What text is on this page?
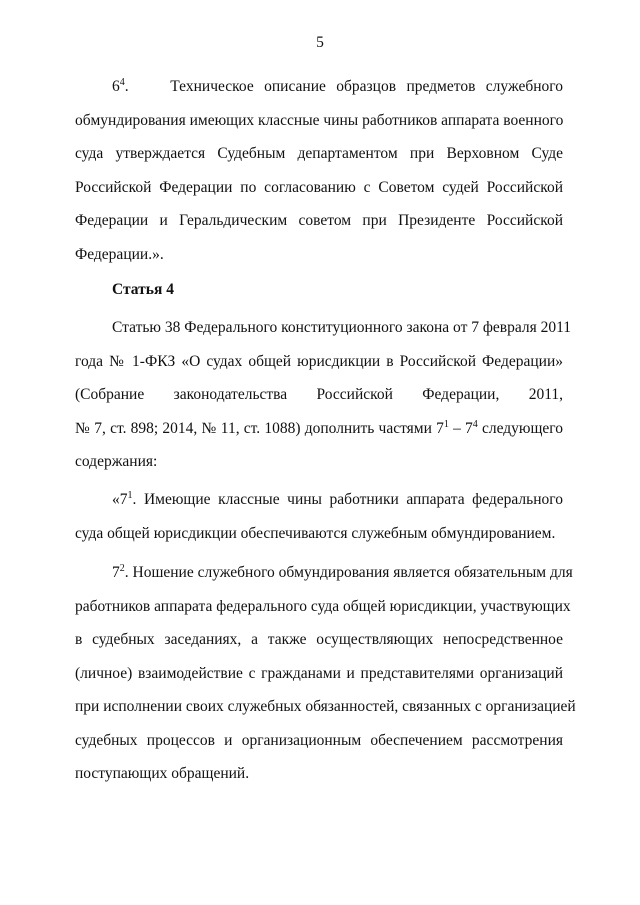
5
$6^4$.    Техническое описание образцов предметов служебного
обмундирования имеющих классные чины работников аппарата военного
суда утверждается Судебным департаментом при Верховном Суде
Российской Федерации по согласованию с Советом судей Российской
Федерации и Геральдическим советом при Президенте Российской
Федерации.».
Статья 4
Статью 38 Федерального конституционного закона от 7 февраля 2011
года № 1-ФКЗ «О судах общей юрисдикции в Российской Федерации»
(Собрание законодательства Российской Федерации, 2011,
№ 7, ст. 898; 2014, № 11, ст. 1088) дополнить частями $7^1 - 7^4$ следующего
содержания:
«$7^1$. Имеющие классные чины работники аппарата федерального
суда общей юрисдикции обеспечиваются служебным обмундированием.
$7^2$. Ношение служебного обмундирования является обязательным для
работников аппарата федерального суда общей юрисдикции, участвующих
в судебных заседаниях, а также осуществляющих непосредственное
(личное) взаимодействие с гражданами и представителями организаций
при исполнении своих служебных обязанностей, связанных с организацией
судебных процессов и организационным обеспечением рассмотрения
поступающих обращений.
